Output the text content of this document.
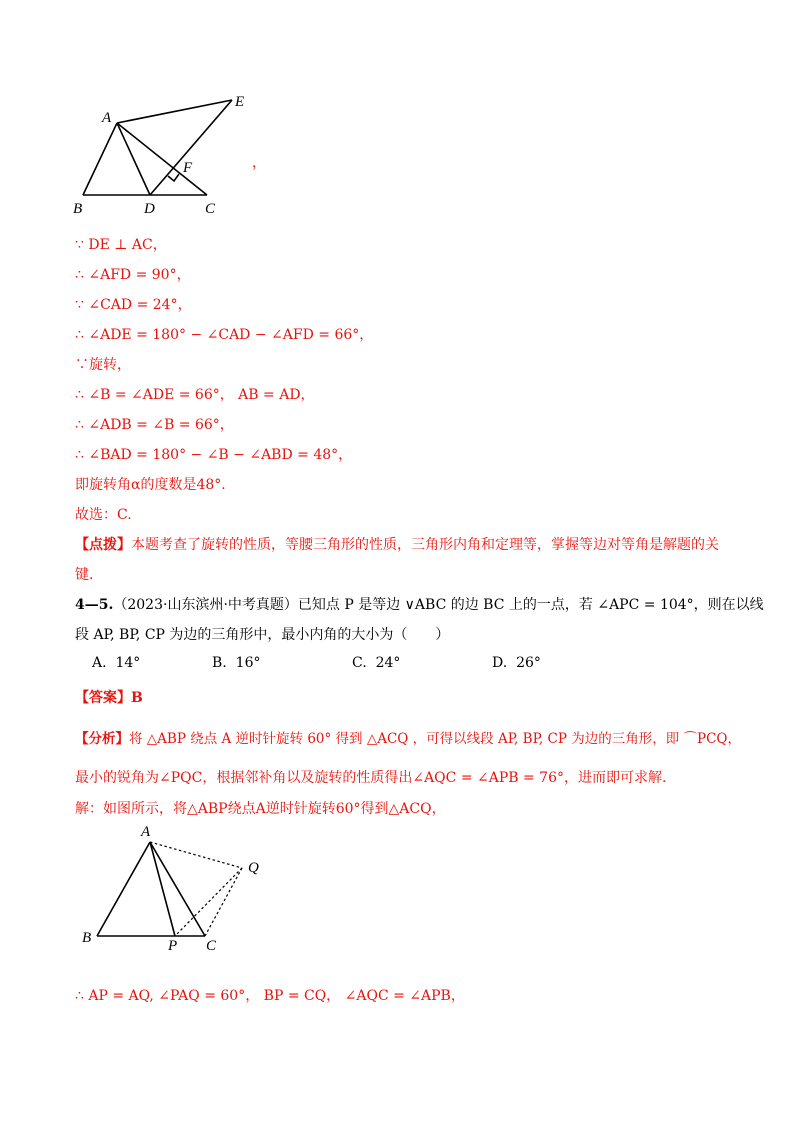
A
E
F
B	D	C
，
∵ DE ⊥ AC，
∴ ∠AFD = 90°，
∵ ∠CAD = 24°，
∴ ∠ADE = 180° − ∠CAD − ∠AFD = 66°，
∵旋转，
∴ ∠B = ∠ADE = 66°， AB = AD，
∴ ∠ADB = ∠B = 66°，
∴ ∠BAD = 180° − ∠B − ∠ABD = 48°，
即旋转角α的度数是48°.
故选：C.
【点拨】本题考查了旋转的性质，等腰三角形的性质，三角形内角和定理等，掌握等边对等角是解题的关
键.
4—5.（2023·山东滨州·中考真题）已知点 P 是等边 ∨ABC 的边 BC 上的一点，若 ∠APC = 104°，则在以线
段 AP, BP, CP 为边的三角形中，最小内角的大小为（　　）
A. 14°	B. 16°	C. 24°	D. 26°
【答案】B
【分析】将 △ABP 绕点 A 逆时针旋转 60° 得到 △ACQ ，可得以线段 AP, BP, CP 为边的三角形，即 ⌒PCQ，
最小的锐角为∠PQC，根据邻补角以及旋转的性质得出∠AQC = ∠APB = 76°，进而即可求解.
解：如图所示，将△ABP绕点A逆时针旋转60°得到△ACQ，
A
Q
B	P C
∴ AP = AQ, ∠PAQ = 60°， BP = CQ， ∠AQC = ∠APB，
